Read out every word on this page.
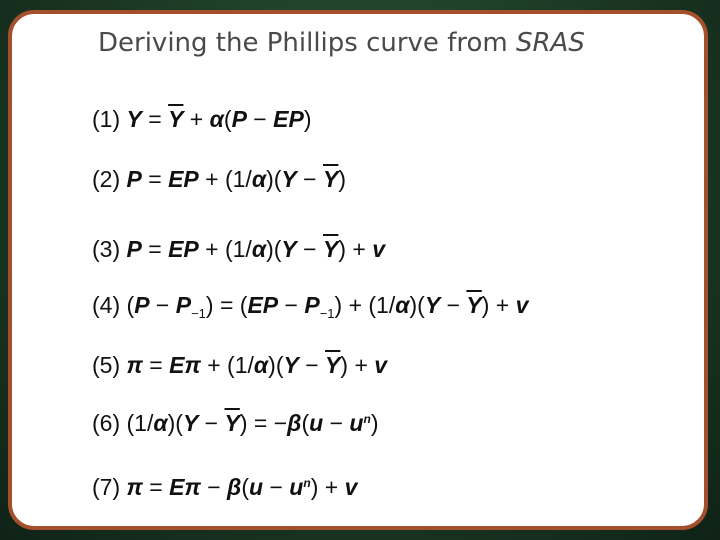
Deriving the Phillips curve from SRAS
(1) $Y = \overline{Y} + \alpha(P - EP)$
(2) P = EP + $(1/\alpha)(Y - \overline{Y})$
(3) P = EP + $(1/\alpha)(Y - \overline{Y}) + v$
(4) $(P - P_{-1}) = (EP - P_{-1}) + (1/\alpha)(Y - \overline{Y}) + v$
(5) $\pi = E\pi + (1/\alpha)(Y - \overline{Y}) + v$
(6) $(1/\alpha)(Y - \overline{Y}) = -\beta(u - u^n)$
(7) $\pi = E\pi - \beta(u - u^n) + v$
